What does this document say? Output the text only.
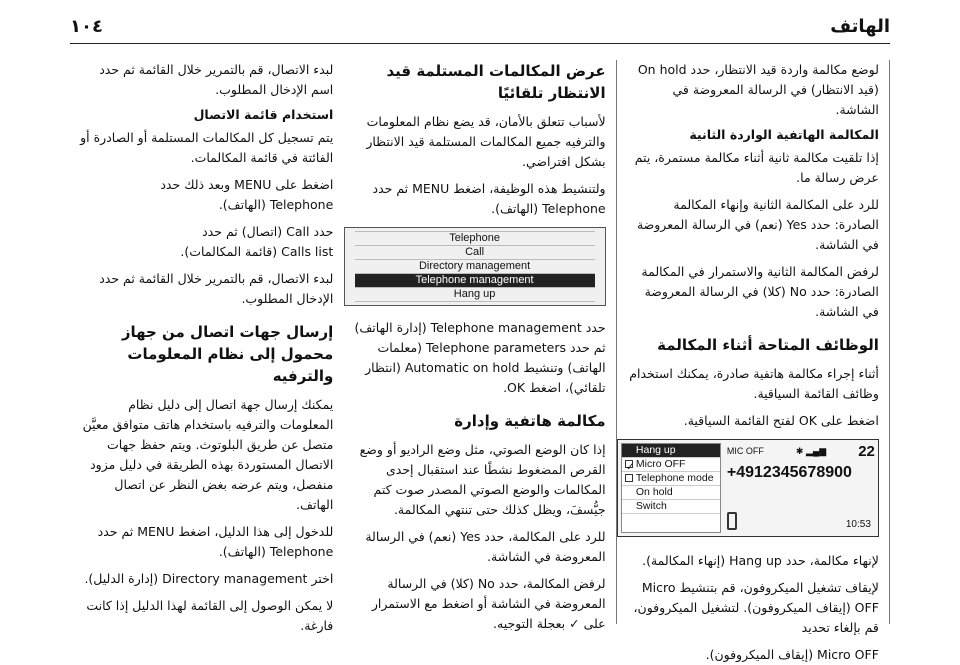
الهاتف
١٠٤

لبدء الاتصال، قم بالتمرير خلال القائمة ثم حدد اسم الإدخال المطلوب.

استخدام قائمة الاتصال

يتم تسجيل كل المكالمات المستلمة أو الصادرة أو الفائتة في قائمة المكالمات.

اضغط على MENU وبعد ذلك حدد
Telephone (الهاتف).

حدد Call (اتصال) ثم حدد
Calls list (قائمة المكالمات).

لبدء الاتصال، قم بالتمرير خلال القائمة ثم حدد الإدخال المطلوب.

إرسال جهات اتصال من جهاز محمول إلى نظام المعلومات والترفيه

يمكنك إرسال جهة اتصال إلى دليل نظام المعلومات والترفيه باستخدام هاتف متوافق معيَّن متصل عن طريق البلوتوث. ويتم حفظ جهات الاتصال المستوردة بهذه الطريقة في دليل مزود منفصل، ويتم عرضه بغض النظر عن اتصال الهاتف.

للدخول إلى هذا الدليل، اضغط MENU ثم حدد
Telephone (الهاتف).

اختر Directory management (إدارة الدليل).

لا يمكن الوصول إلى القائمة لهذا الدليل إذا كانت فارغة.

عرض المكالمات المستلمة قيد الانتظار تلقائيًا

لأسباب تتعلق بالأمان، قد يضع نظام المعلومات والترفيه جميع المكالمات المستلمة قيد الانتظار بشكل افتراضي.

ولتنشيط هذه الوظيفة، اضغط MENU ثم حدد
Telephone (الهاتف).

Telephone
Call
Directory management
Telephone management
Hang up

حدد Telephone management (إدارة الهاتف) ثم حدد Telephone parameters (معلمات الهاتف) وتنشيط Automatic on hold (انتظار تلقائي)، اضغط OK.

مكالمة هاتفية وإدارة

إذا كان الوضع الصوتي، مثل وضع الراديو أو وضع القرص المضغوط نشطًا عند استقبال إحدى المكالمات والوضع الصوتي المصدر صوت كتم جيُّسفَ، ويظل كذلك حتى تنتهي المكالمة.

للرد على المكالمة، حدد Yes (نعم) في الرسالة المعروضة في الشاشة.

لرفض المكالمة، حدد No (كلا) في الرسالة المعروضة في الشاشة أو اضغط مع الاستمرار على ✓ بعجلة التوجيه.

لوضع مكالمة واردة قيد الانتظار، حدد On hold (قيد الانتظار) في الرسالة المعروضة في الشاشة.

المكالمة الهاتفية الواردة الثانية

إذا تلقيت مكالمة ثانية أثناء مكالمة مستمرة، يتم عرض رسالة ما.

للرد على المكالمة الثانية وإنهاء المكالمة الصادرة: حدد Yes (نعم) في الرسالة المعروضة في الشاشة.

لرفض المكالمة الثانية والاستمرار في المكالمة الصادرة: حدد No (كلا) في الرسالة المعروضة في الشاشة.

الوظائف المتاحة أثناء المكالمة

أثناء إجراء مكالمة هاتفية صادرة، يمكنك استخدام وظائف القائمة السياقية.

اضغط على OK لفتح القائمة السياقية.

Hang up
✓ Micro OFF
Telephone mode
On hold
Switch
MIC OFF	✱ ▂▄▆ 22
+4912345678900
10:53

لإنهاء مكالمة، حدد Hang up (إنهاء المكالمة).

لإيقاف تشغيل الميكروفون، قم بتنشيط Micro OFF (إيقاف الميكروفون). لتشغيل الميكروفون، قم بإلغاء تحديد

Micro OFF (إيقاف الميكروفون).
